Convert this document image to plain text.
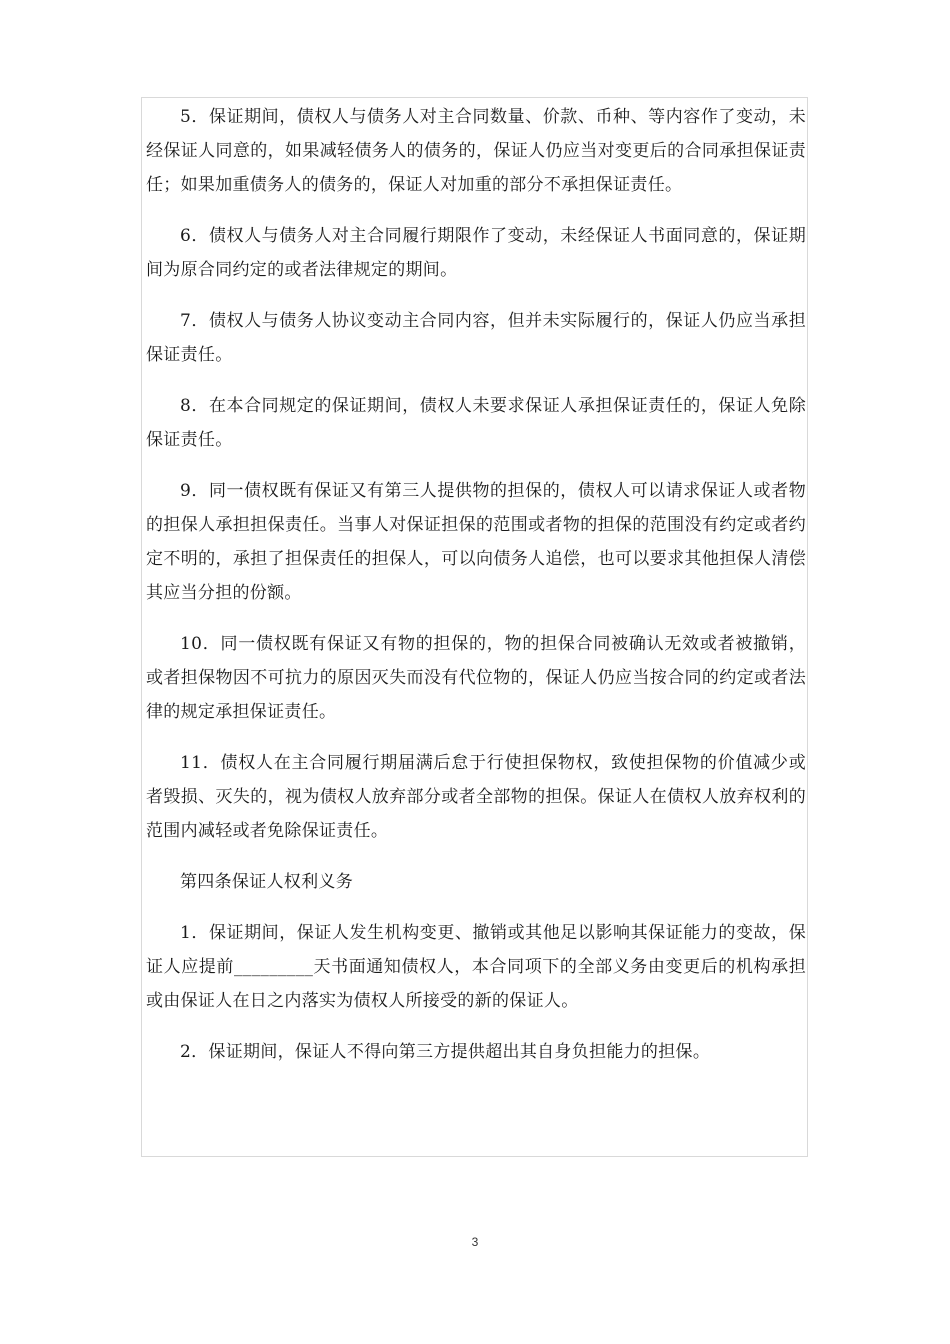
5．保证期间，债权人与债务人对主合同数量、价款、币种、等内容作了变动，未经保证人同意的，如果减轻债务人的债务的，保证人仍应当对变更后的合同承担保证责任；如果加重债务人的债务的，保证人对加重的部分不承担保证责任。

6．债权人与债务人对主合同履行期限作了变动，未经保证人书面同意的，保证期间为原合同约定的或者法律规定的期间。

7．债权人与债务人协议变动主合同内容，但并未实际履行的，保证人仍应当承担保证责任。

8．在本合同规定的保证期间，债权人未要求保证人承担保证责任的，保证人免除保证责任。

9．同一债权既有保证又有第三人提供物的担保的，债权人可以请求保证人或者物的担保人承担担保责任。当事人对保证担保的范围或者物的担保的范围没有约定或者约定不明的，承担了担保责任的担保人，可以向债务人追偿，也可以要求其他担保人清偿其应当分担的份额。

10．同一债权既有保证又有物的担保的，物的担保合同被确认无效或者被撤销，或者担保物因不可抗力的原因灭失而没有代位物的，保证人仍应当按合同的约定或者法律的规定承担保证责任。

11．债权人在主合同履行期届满后怠于行使担保物权，致使担保物的价值减少或者毁损、灭失的，视为债权人放弃部分或者全部物的担保。保证人在债权人放弃权利的范围内减轻或者免除保证责任。

第四条保证人权利义务

1．保证期间，保证人发生机构变更、撤销或其他足以影响其保证能力的变故，保证人应提前_________天书面通知债权人，本合同项下的全部义务由变更后的机构承担或由保证人在日之内落实为债权人所接受的新的保证人。

2．保证期间，保证人不得向第三方提供超出其自身负担能力的担保。

3
